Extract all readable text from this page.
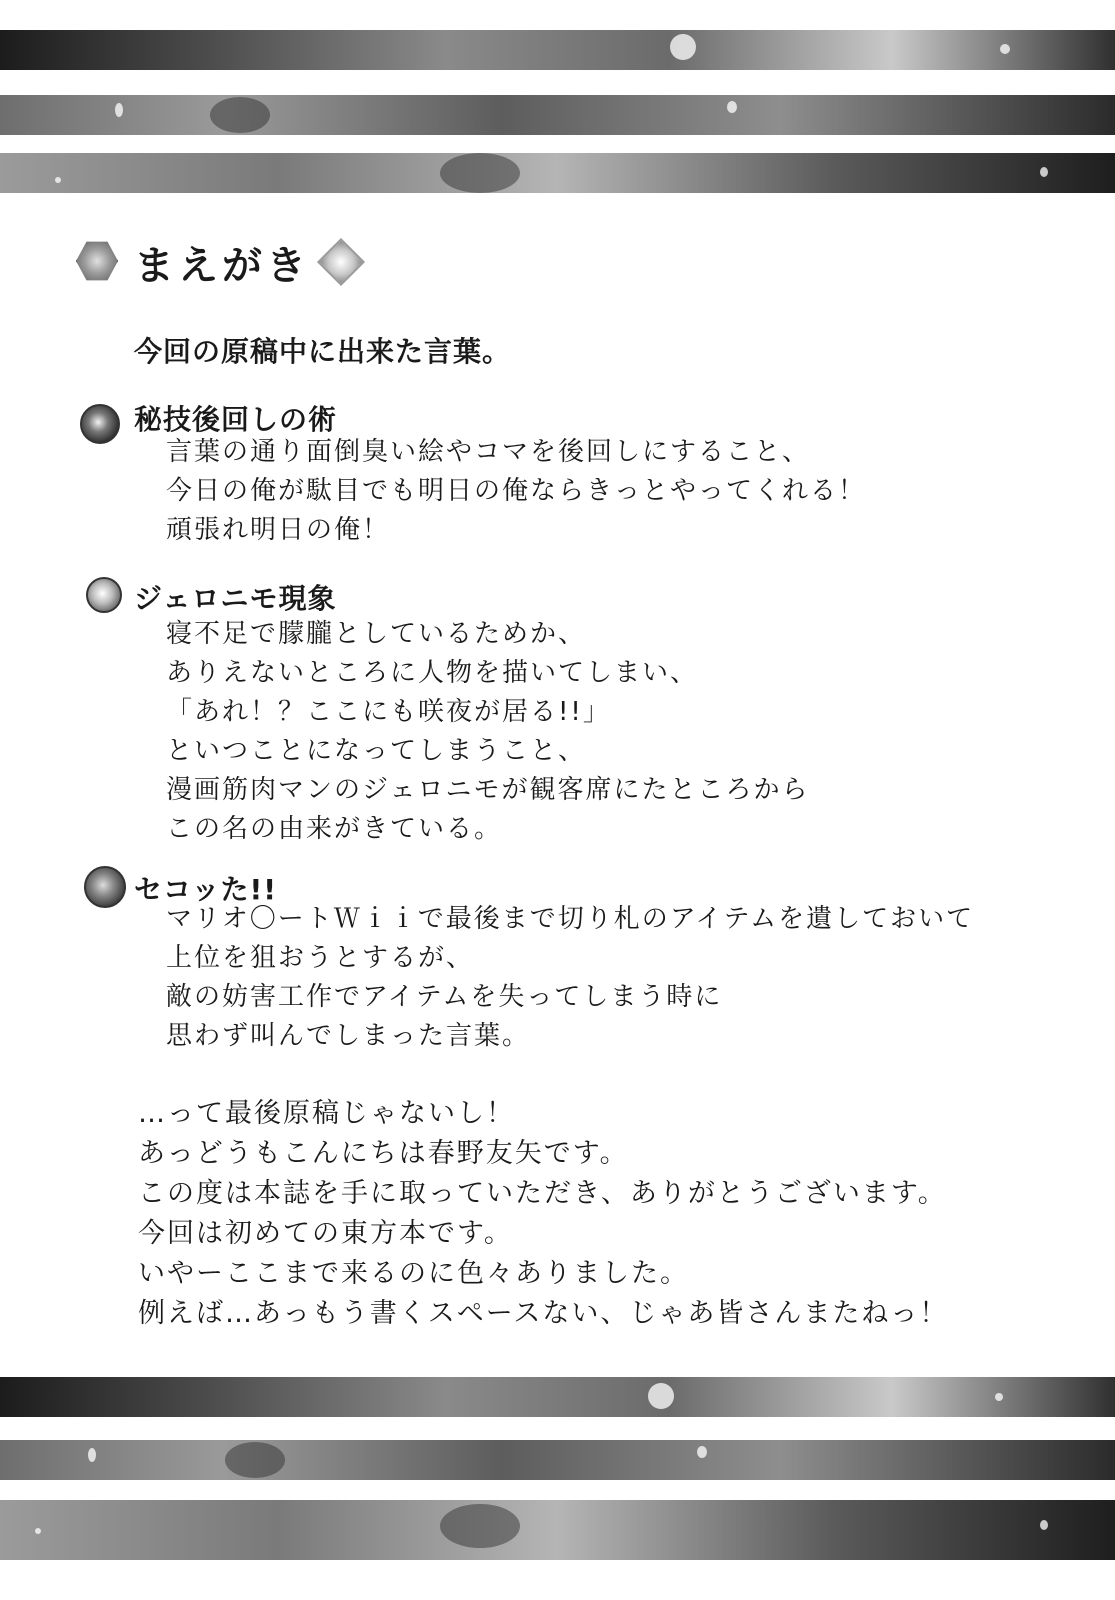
まえがき
今回の原稿中に出来た言葉。
秘技後回しの術
言葉の通り面倒臭い絵やコマを後回しにすること、
今日の俺が駄目でも明日の俺ならきっとやってくれる！
頑張れ明日の俺！
ジェロニモ現象
寝不足で朦朧としているためか、
ありえないところに人物を描いてしまい、
「あれ！？ここにも咲夜が居る!!」
といつことになってしまうこと、
漫画筋肉マンのジェロニモが観客席にたところから
この名の由来がきている。
セコッた!!
マリオ〇ートＷｉｉで最後まで切り札のアイテムを遺しておいて
上位を狙おうとするが、
敵の妨害工作でアイテムを失ってしまう時に
思わず叫んでしまった言葉。
…って最後原稿じゃないし！
あっどうもこんにちは春野友矢です。
この度は本誌を手に取っていただき、ありがとうございます。
今回は初めての東方本です。
いやーここまで来るのに色々ありました。
例えば…あっもう書くスペースない、じゃあ皆さんまたねっ！
